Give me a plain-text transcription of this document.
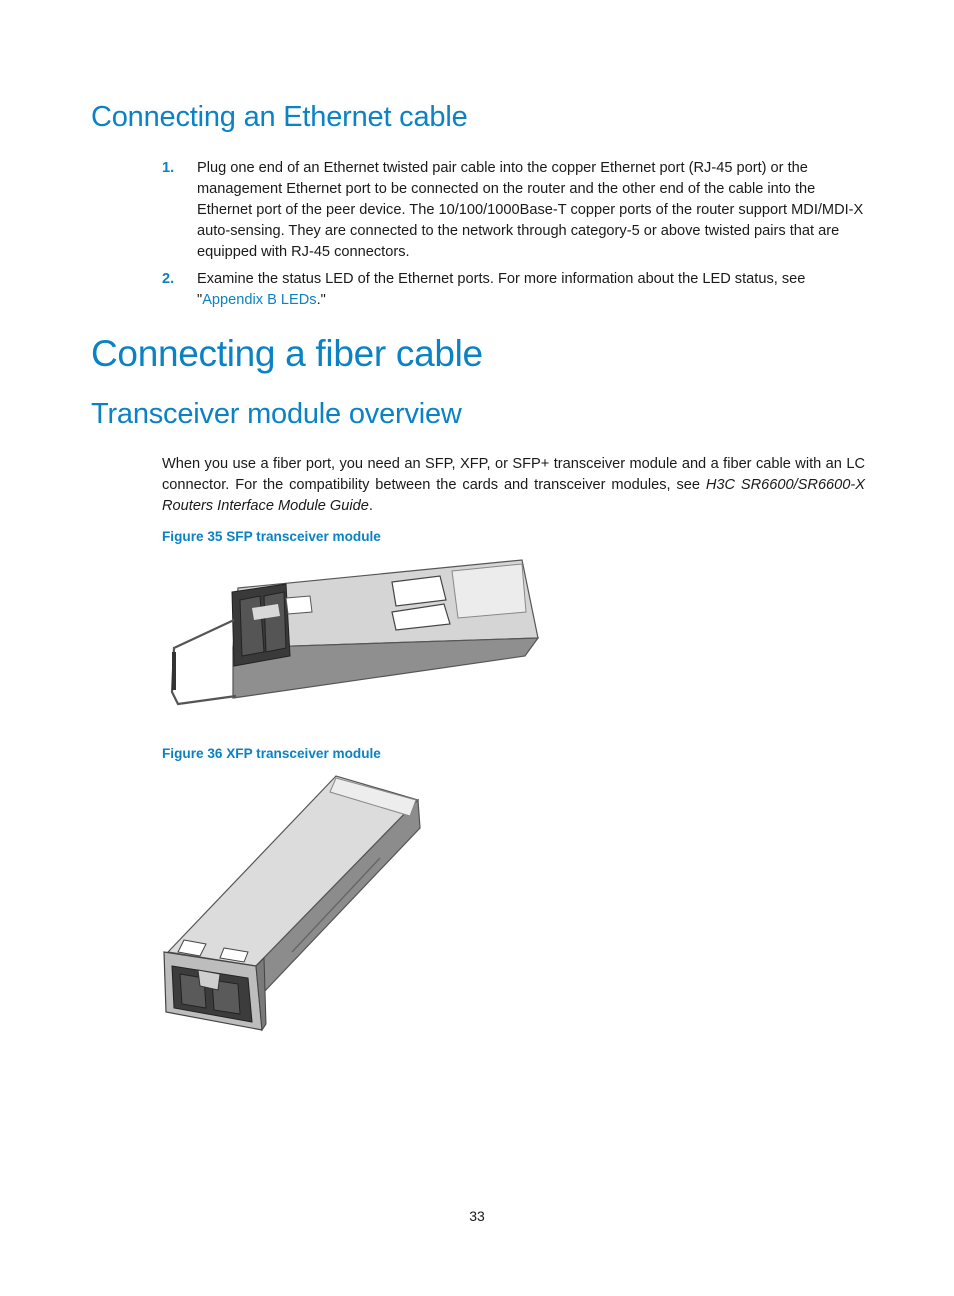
Connecting an Ethernet cable
1. Plug one end of an Ethernet twisted pair cable into the copper Ethernet port (RJ-45 port) or the management Ethernet port to be connected on the router and the other end of the cable into the Ethernet port of the peer device. The 10/100/1000Base-T copper ports of the router support MDI/MDI-X auto-sensing. They are connected to the network through category-5 or above twisted pairs that are equipped with RJ-45 connectors.
2. Examine the status LED of the Ethernet ports. For more information about the LED status, see "Appendix B LEDs."
Connecting a fiber cable
Transceiver module overview

When you use a fiber port, you need an SFP, XFP, or SFP+ transceiver module and a fiber cable with an LC connector. For the compatibility between the cards and transceiver modules, see H3C SR6600/SR6600-X Routers Interface Module Guide.

Figure 35 SFP transceiver module

Figure 36 XFP transceiver module

33
